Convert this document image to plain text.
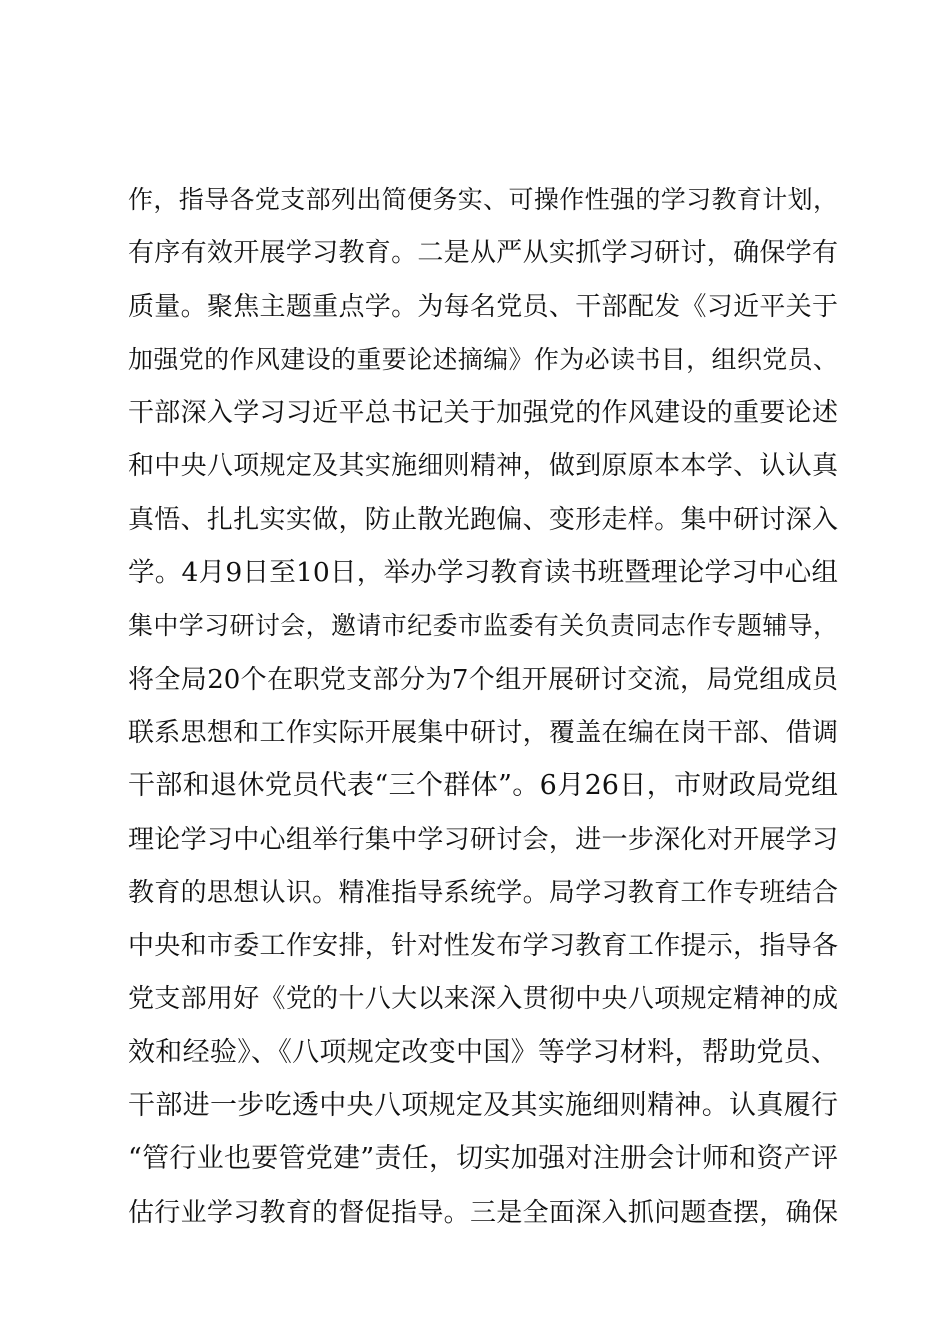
作，指导各党支部列出简便务实、可操作性强的学习教育计划，
有序有效开展学习教育。二是从严从实抓学习研讨，确保学有
质量。聚焦主题重点学。为每名党员、干部配发《习近平关于
加强党的作风建设的重要论述摘编》作为必读书目，组织党员、
干部深入学习习近平总书记关于加强党的作风建设的重要论述
和中央八项规定及其实施细则精神，做到原原本本学、认认真
真悟、扎扎实实做，防止散光跑偏、变形走样。集中研讨深入
学。4月9日至10日，举办学习教育读书班暨理论学习中心组
集中学习研讨会，邀请市纪委市监委有关负责同志作专题辅导，
将全局20个在职党支部分为7个组开展研讨交流，局党组成员
联系思想和工作实际开展集中研讨，覆盖在编在岗干部、借调
干部和退休党员代表“三个群体”。6月26日，市财政局党组
理论学习中心组举行集中学习研讨会，进一步深化对开展学习
教育的思想认识。精准指导系统学。局学习教育工作专班结合
中央和市委工作安排，针对性发布学习教育工作提示，指导各
党支部用好《党的十八大以来深入贯彻中央八项规定精神的成
效和经验》、《八项规定改变中国》等学习材料，帮助党员、
干部进一步吃透中央八项规定及其实施细则精神。认真履行
“管行业也要管党建”责任，切实加强对注册会计师和资产评
估行业学习教育的督促指导。三是全面深入抓问题查摆，确保
